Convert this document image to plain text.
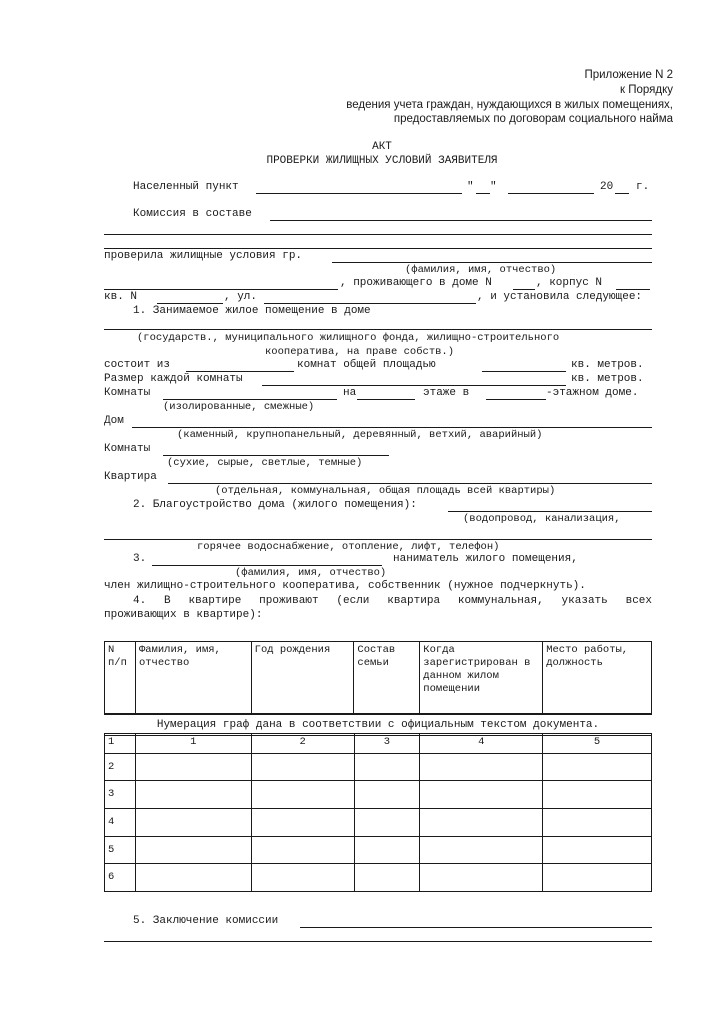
Приложение N 2
к Порядку
ведения учета граждан, нуждающихся в жилых помещениях,
предоставляемых по договорам социального найма
АКТ
ПРОВЕРКИ ЖИЛИЩНЫХ УСЛОВИЙ ЗАЯВИТЕЛЯ
Населенный пункт	" "	20 г.
Комиссия в составе
проверила жилищные условия гр.
(фамилия, имя, отчество)
, проживающего в доме N	, корпус N
кв. N	, ул.	, и установила следующее:
1. Занимаемое жилое помещение в доме
(государств., муниципального жилищного фонда, жилищно-строительного
кооператива, на праве собств.)
состоит из	комнат общей площадью	кв. метров.
Размер каждой комнаты	кв. метров.
Комнаты	на	этаже в	-этажном доме.
(изолированные, смежные)
Дом
(каменный, крупнопанельный, деревянный, ветхий, аварийный)
Комнаты
(сухие, сырые, светлые, темные)
Квартира
(отдельная, коммунальная, общая площадь всей квартиры)
2. Благоустройство дома (жилого помещения):
(водопровод, канализация,
горячее водоснабжение, отопление, лифт, телефон)
3.	наниматель жилого помещения,
(фамилия, имя, отчество)
член жилищно-строительного кооператива, собственник (нужное подчеркнуть).
4. В квартире проживают (если квартира коммунальная, указать всех
проживающих в квартире):
N п/п	Фамилия, имя, отчество	Год рождения	Состав семьи	Когда зарегистрирован в данном жилом помещении	Место работы, должность
Нумерация граф дана в соответствии с официальным текстом документа.
1	1	2	3	4	5
2					
3					
4					
5					
6					
5. Заключение комиссии
